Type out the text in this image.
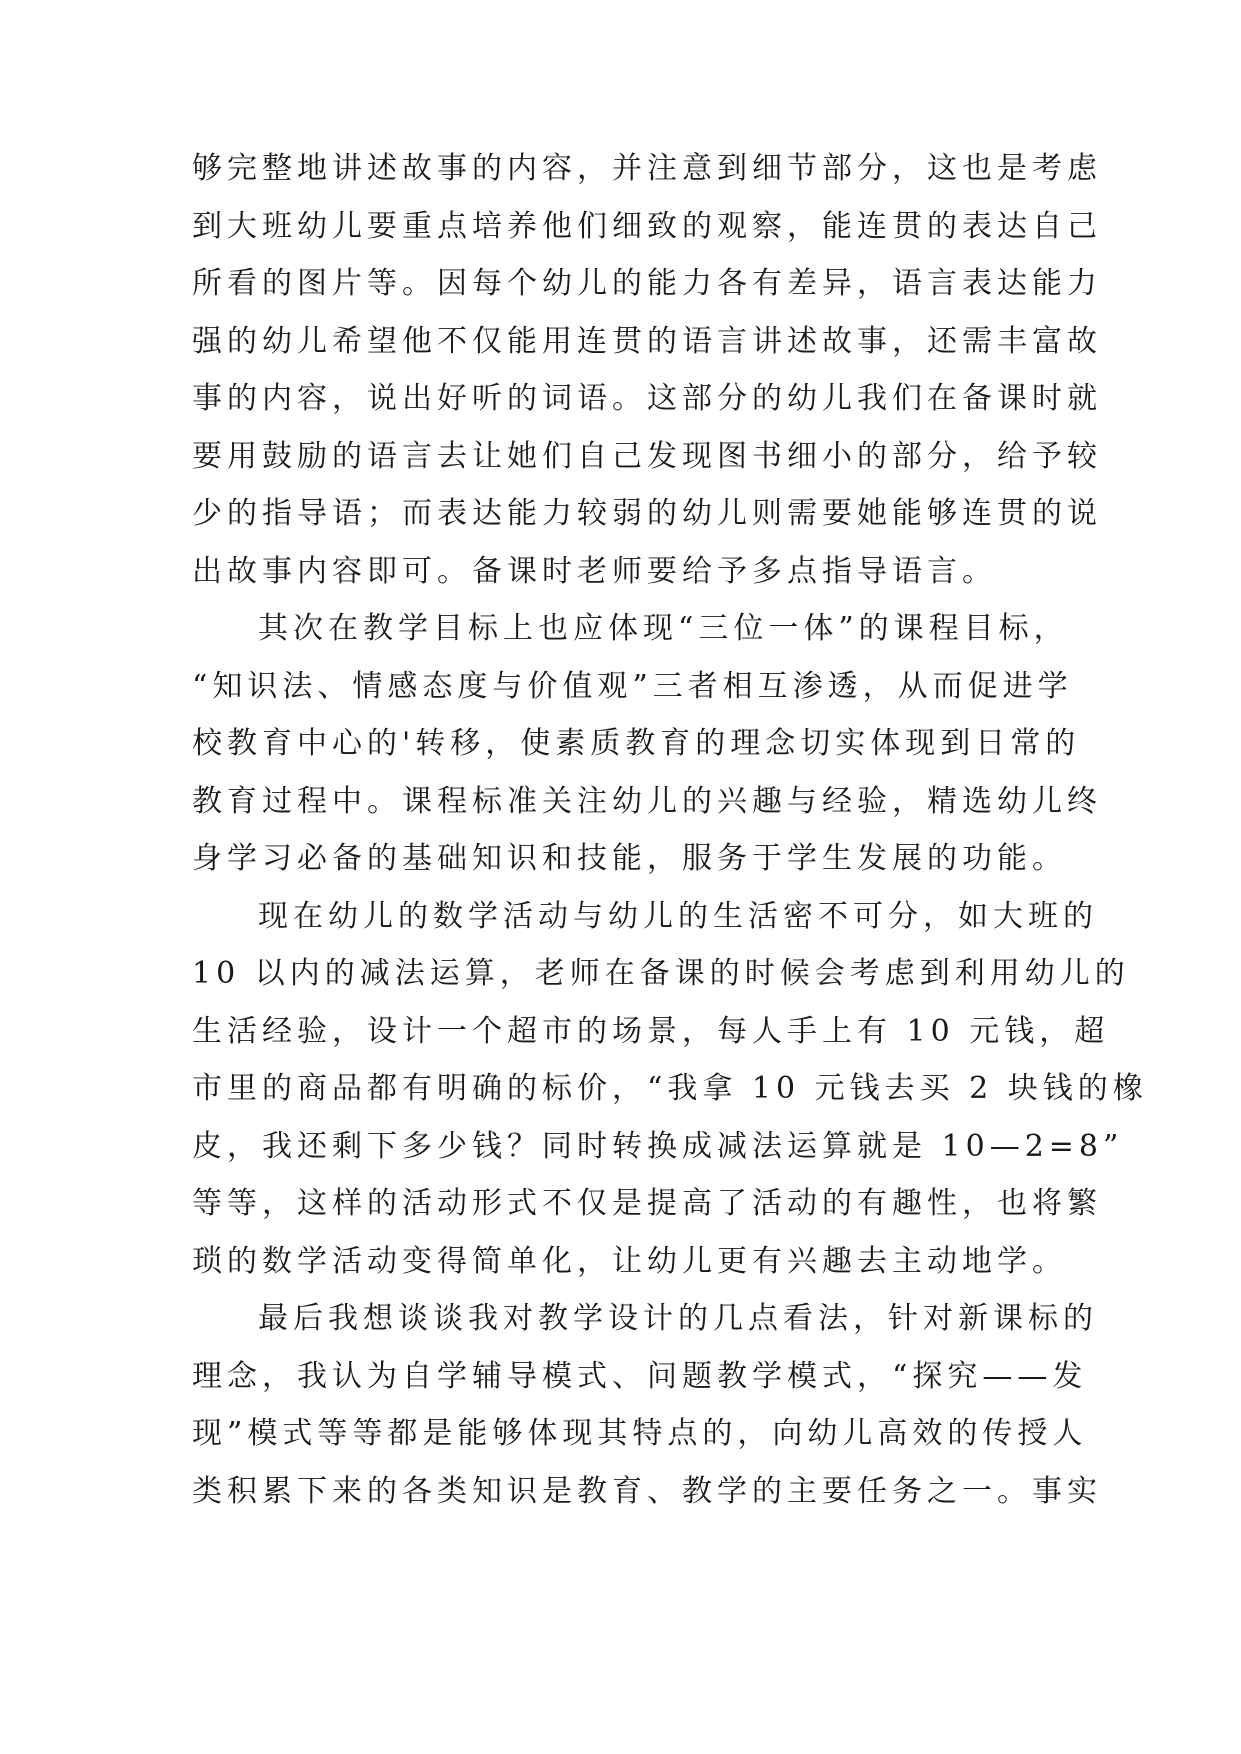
够完整地讲述故事的内容，并注意到细节部分，这也是考虑
到大班幼儿要重点培养他们细致的观察，能连贯的表达自己
所看的图片等。因每个幼儿的能力各有差异，语言表达能力
强的幼儿希望他不仅能用连贯的语言讲述故事，还需丰富故
事的内容，说出好听的词语。这部分的幼儿我们在备课时就
要用鼓励的语言去让她们自己发现图书细小的部分，给予较
少的指导语；而表达能力较弱的幼儿则需要她能够连贯的说
出故事内容即可。备课时老师要给予多点指导语言。
其次在教学目标上也应体现“三位一体”的课程目标，
“知识法、情感态度与价值观”三者相互渗透，从而促进学
校教育中心的'转移，使素质教育的理念切实体现到日常的
教育过程中。课程标准关注幼儿的兴趣与经验，精选幼儿终
身学习必备的基础知识和技能，服务于学生发展的功能。
现在幼儿的数学活动与幼儿的生活密不可分，如大班的
10 以内的减法运算，老师在备课的时候会考虑到利用幼儿的
生活经验，设计一个超市的场景，每人手上有 10 元钱，超
市里的商品都有明确的标价，“我拿 10 元钱去买 2 块钱的橡
皮，我还剩下多少钱？同时转换成减法运算就是 10—2=8”
等等，这样的活动形式不仅是提高了活动的有趣性，也将繁
琐的数学活动变得简单化，让幼儿更有兴趣去主动地学。
最后我想谈谈我对教学设计的几点看法，针对新课标的
理念，我认为自学辅导模式、问题教学模式，“探究——发
现”模式等等都是能够体现其特点的，向幼儿高效的传授人
类积累下来的各类知识是教育、教学的主要任务之一。事实
